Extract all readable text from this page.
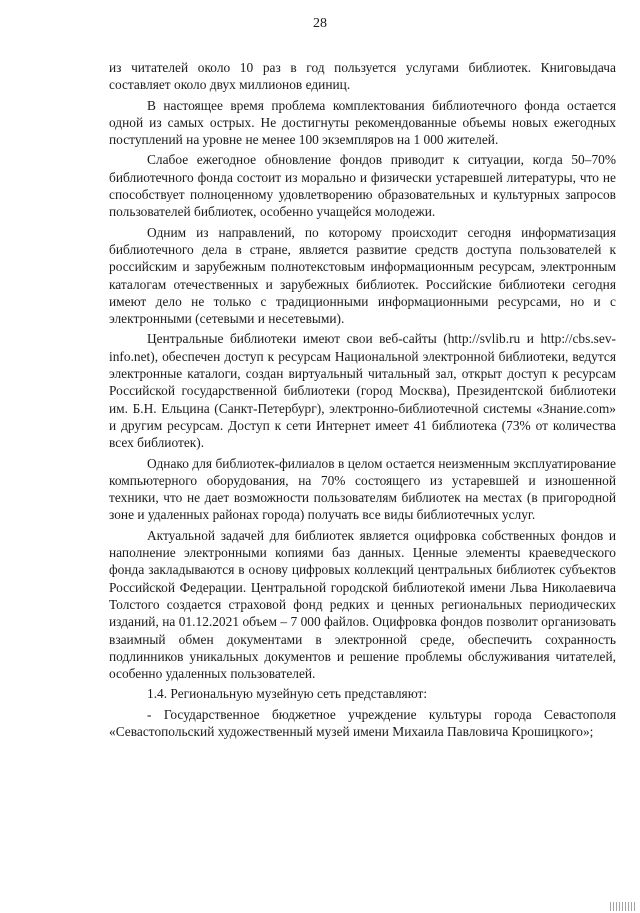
28

из читателей около 10 раз в год пользуется услугами библиотек. Книговыдача составляет около двух миллионов единиц.

В настоящее время проблема комплектования библиотечного фонда остается одной из самых острых. Не достигнуты рекомендованные объемы новых ежегодных поступлений на уровне не менее 100 экземпляров на 1 000 жителей.

Слабое ежегодное обновление фондов приводит к ситуации, когда 50–70% библиотечного фонда состоит из морально и физически устаревшей литературы, что не способствует полноценному удовлетворению образовательных и культурных запросов пользователей библиотек, особенно учащейся молодежи.

Одним из направлений, по которому происходит сегодня информатизация библиотечного дела в стране, является развитие средств доступа пользователей к российским и зарубежным полнотекстовым информационным ресурсам, электронным каталогам отечественных и зарубежных библиотек. Российские библиотеки сегодня имеют дело не только с традиционными информационными ресурсами, но и с электронными (сетевыми и несетевыми).

Центральные библиотеки имеют свои веб-сайты (http://svlib.ru и http://cbs.sev-info.net), обеспечен доступ к ресурсам Национальной электронной библиотеки, ведутся электронные каталоги, создан виртуальный читальный зал, открыт доступ к ресурсам Российской государственной библиотеки (город Москва), Президентской библиотеки им. Б.Н. Ельцина (Санкт-Петербург), электронно-библиотечной системы «Знание.com» и другим ресурсам. Доступ к сети Интернет имеет 41 библиотека (73% от количества всех библиотек).

Однако для библиотек-филиалов в целом остается неизменным эксплуатирование компьютерного оборудования, на 70% состоящего из устаревшей и изношенной техники, что не дает возможности пользователям библиотек на местах (в пригородной зоне и удаленных районах города) получать все виды библиотечных услуг.

Актуальной задачей для библиотек является оцифровка собственных фондов и наполнение электронными копиями баз данных. Ценные элементы краеведческого фонда закладываются в основу цифровых коллекций центральных библиотек субъектов Российской Федерации. Центральной городской библиотекой имени Льва Николаевича Толстого создается страховой фонд редких и ценных региональных периодических изданий, на 01.12.2021 объем – 7 000 файлов. Оцифровка фондов позволит организовать взаимный обмен документами в электронной среде, обеспечить сохранность подлинников уникальных документов и решение проблемы обслуживания читателей, особенно удаленных пользователей.

1.4. Региональную музейную сеть представляют:

- Государственное бюджетное учреждение культуры города Севастополя «Севастопольский художественный музей имени Михаила Павловича Крошицкого»;
